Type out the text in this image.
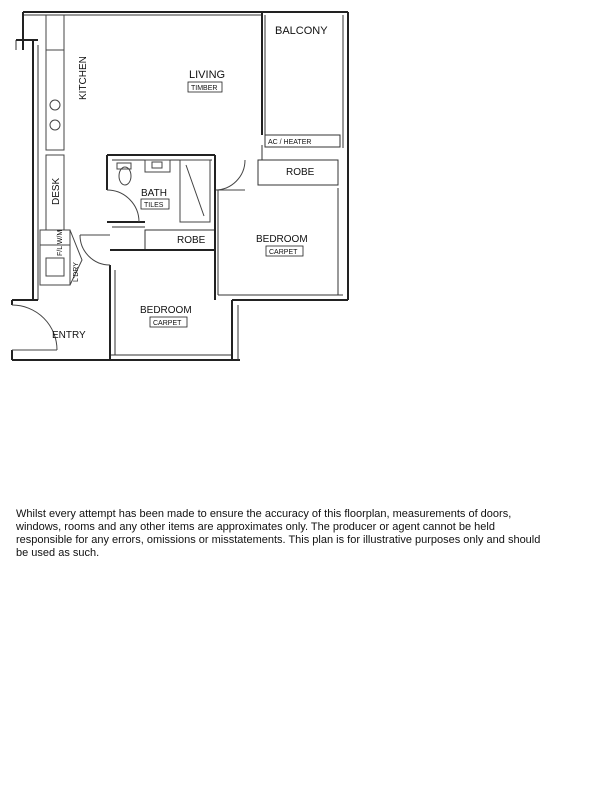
BALCONY
LIVING
TIMBER
KITCHEN
DESK
AC / HEATER
BATH
TILES
ROBE
ROBE
BEDROOM
CARPET
BEDROOM
CARPET
F/L W/M
L'DRY
ENTRY

Whilst every attempt has been made to ensure the accuracy of this floorplan, measurements of doors, windows, rooms and any other items are approximates only. The producer or agent cannot be held responsible for any errors, omissions or misstatements. This plan is for illustrative purposes only and should be used as such.
